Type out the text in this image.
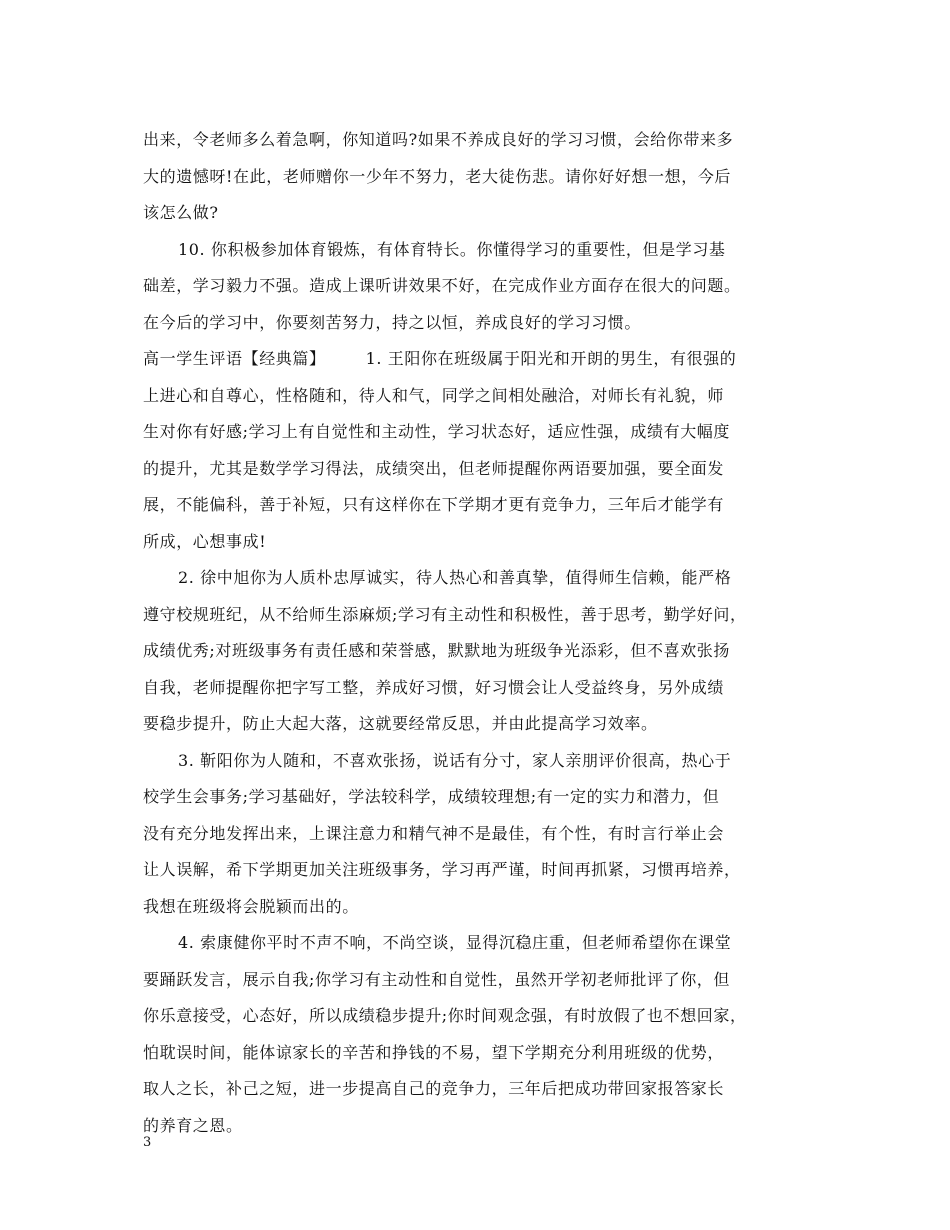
出来，令老师多么着急啊，你知道吗?如果不养成良好的学习习惯，会给你带来多
大的遗憾呀!在此，老师赠你一少年不努力，老大徒伤悲。请你好好想一想，今后
该怎么做?
10. 你积极参加体育锻炼，有体育特长。你懂得学习的重要性，但是学习基
础差，学习毅力不强。造成上课听讲效果不好，在完成作业方面存在很大的问题。
在今后的学习中，你要刻苦努力，持之以恒，养成良好的学习习惯。
高一学生评语【经典篇】	1. 王阳你在班级属于阳光和开朗的男生，有很强的
上进心和自尊心，性格随和，待人和气，同学之间相处融洽，对师长有礼貌，师
生对你有好感;学习上有自觉性和主动性，学习状态好，适应性强，成绩有大幅度
的提升，尤其是数学学习得法，成绩突出，但老师提醒你两语要加强，要全面发
展，不能偏科，善于补短，只有这样你在下学期才更有竞争力，三年后才能学有
所成，心想事成!
2. 徐中旭你为人质朴忠厚诚实，待人热心和善真挚，值得师生信赖，能严格
遵守校规班纪，从不给师生添麻烦;学习有主动性和积极性，善于思考，勤学好问，
成绩优秀;对班级事务有责任感和荣誉感，默默地为班级争光添彩，但不喜欢张扬
自我，老师提醒你把字写工整，养成好习惯，好习惯会让人受益终身，另外成绩
要稳步提升，防止大起大落，这就要经常反思，并由此提高学习效率。
3. 靳阳你为人随和，不喜欢张扬，说话有分寸，家人亲朋评价很高，热心于
校学生会事务;学习基础好，学法较科学，成绩较理想;有一定的实力和潜力，但
没有充分地发挥出来，上课注意力和精气神不是最佳，有个性，有时言行举止会
让人误解，希下学期更加关注班级事务，学习再严谨，时间再抓紧，习惯再培养，
我想在班级将会脱颖而出的。
4. 索康健你平时不声不响，不尚空谈，显得沉稳庄重，但老师希望你在课堂
要踊跃发言，展示自我;你学习有主动性和自觉性，虽然开学初老师批评了你，但
你乐意接受，心态好，所以成绩稳步提升;你时间观念强，有时放假了也不想回家，
怕耽误时间，能体谅家长的辛苦和挣钱的不易，望下学期充分利用班级的优势，
取人之长，补己之短，进一步提高自己的竞争力，三年后把成功带回家报答家长
的养育之恩。
3
